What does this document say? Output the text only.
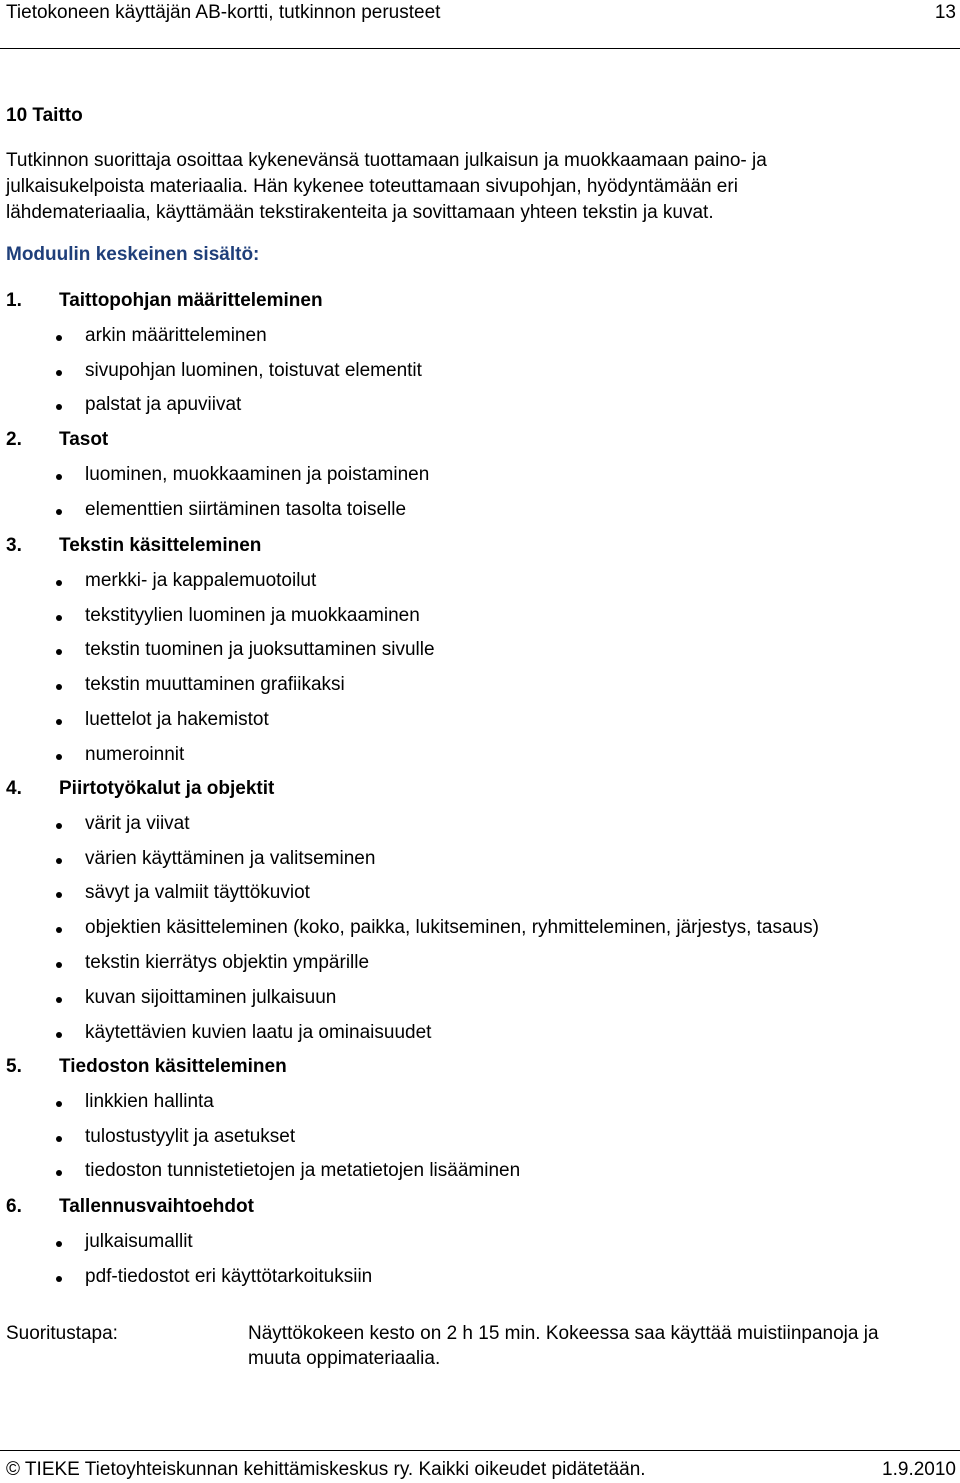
Tietokoneen käyttäjän AB-kortti, tutkinnon perusteet	13
10 Taitto
Tutkinnon suorittaja osoittaa kykenevänsä tuottamaan julkaisun ja muokkaamaan paino- ja
julkaisukelpoista materiaalia. Hän kykenee toteuttamaan sivupohjan, hyödyntämään eri
lähdemateriaalia, käyttämään tekstirakenteita ja sovittamaan yhteen tekstin ja kuvat.
Moduulin keskeinen sisältö:
1. Taittopohjan määritteleminen
arkin määritteleminen
sivupohjan luominen, toistuvat elementit
palstat ja apuviivat
2. Tasot
luominen, muokkaaminen ja poistaminen
elementtien siirtäminen tasolta toiselle
3. Tekstin käsitteleminen
merkki- ja kappalemuotoilut
tekstityylien luominen ja muokkaaminen
tekstin tuominen ja juoksuttaminen sivulle
tekstin muuttaminen grafiikaksi
luettelot ja hakemistot
numeroinnit
4. Piirtotyökalut ja objektit
värit ja viivat
värien käyttäminen ja valitseminen
sävyt ja valmiit täyttökuviot
objektien käsitteleminen (koko, paikka, lukitseminen, ryhmitteleminen, järjestys, tasaus)
tekstin kierrätys objektin ympärille
kuvan sijoittaminen julkaisuun
käytettävien kuvien laatu ja ominaisuudet
5. Tiedoston käsitteleminen
linkkien hallinta
tulostustyylit ja asetukset
tiedoston tunnistetietojen ja metatietojen lisääminen
6. Tallennusvaihtoehdot
julkaisumallit
pdf-tiedostot eri käyttötarkoituksiin
Suoritustapa:	Näyttökokeen kesto on 2 h 15 min. Kokeessa saa käyttää muistiinpanoja ja
muuta oppimateriaalia.
© TIEKE Tietoyhteiskunnan kehittämiskeskus ry. Kaikki oikeudet pidätetään.	1.9.2010
